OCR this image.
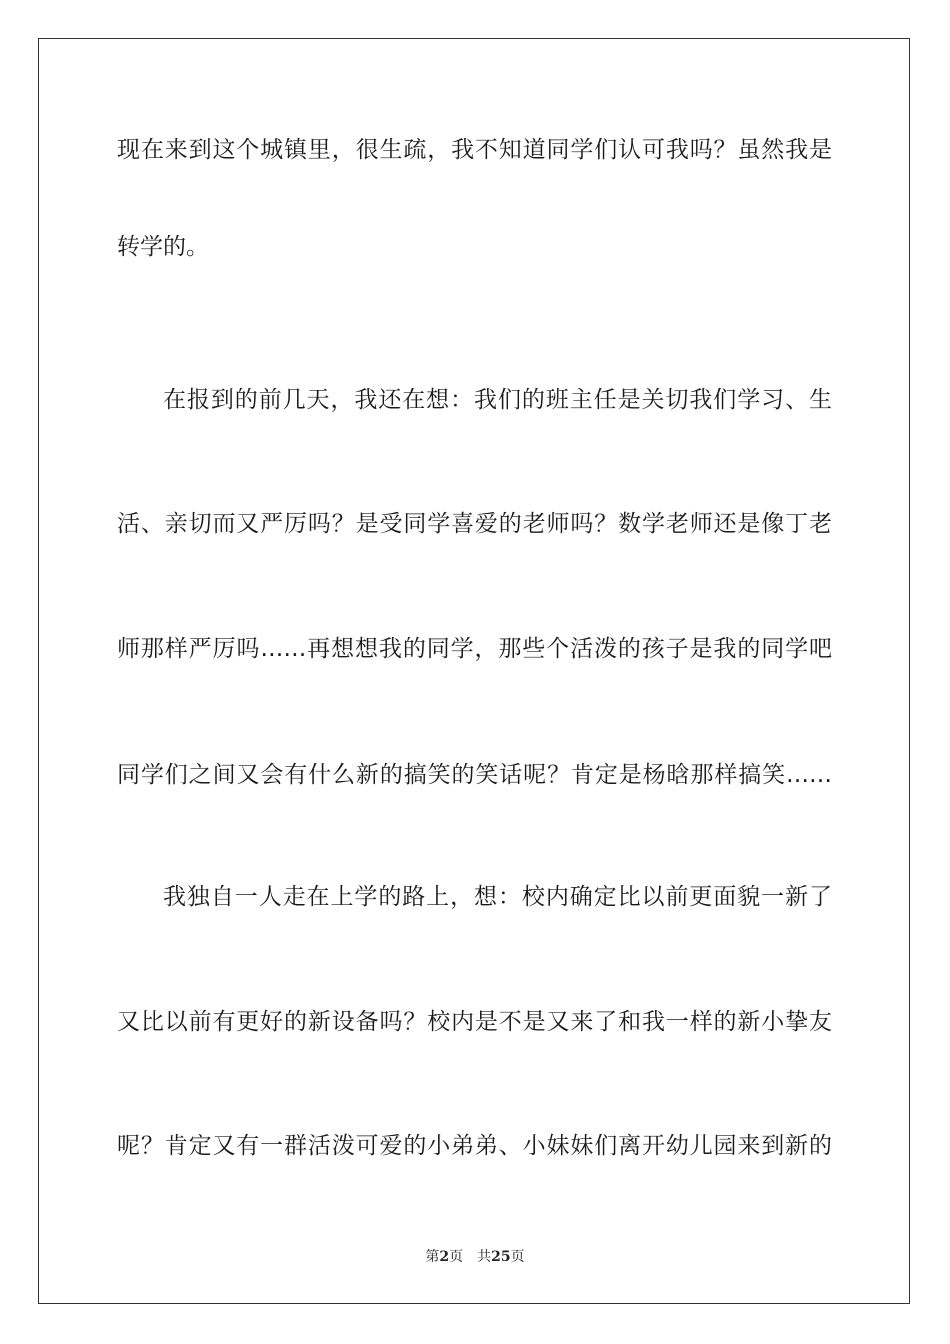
现在来到这个城镇里，很生疏，我不知道同学们认可我吗？虽然我是
转学的。
在报到的前几天，我还在想：我们的班主任是关切我们学习、生
活、亲切而又严厉吗？是受同学喜爱的老师吗？数学老师还是像丁老
师那样严厉吗……再想想我的同学，那些个活泼的孩子是我的同学吧
同学们之间又会有什么新的搞笑的笑话呢？肯定是杨晗那样搞笑……
我独自一人走在上学的路上，想：校内确定比以前更面貌一新了
又比以前有更好的新设备吗？校内是不是又来了和我一样的新小挚友
呢？肯定又有一群活泼可爱的小弟弟、小妹妹们离开幼儿园来到新的
第2页 共25页
